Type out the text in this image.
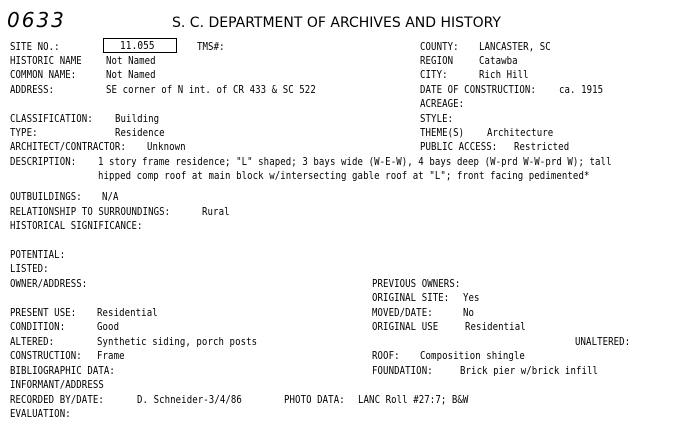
0633	S. C. DEPARTMENT OF ARCHIVES AND HISTORY
SITE NO.:	11.055	TMS#:	COUNTY: LANCASTER, SC
HISTORIC NAME Not Named	REGION Catawba
COMMON NAME:	Not Named	CITY:	Rich Hill
ADDRESS:	SE corner of N int. of CR 433 & SC 522	DATE OF CONSTRUCTION: ca. 1915
ACREAGE:
CLASSIFICATION: Building	STYLE:
TYPE:	Residence	THEME(S) Architecture
ARCHITECT/CONTRACTOR: Unknown	PUBLIC ACCESS: Restricted
DESCRIPTION: 1 story frame residence; "L" shaped; 3 bays wide (W-E-W), 4 bays deep (W-prd W-W-prd W); tall
hipped comp roof at main block w/intersecting gable roof at "L"; front facing pedimented*
OUTBUILDINGS: N/A
RELATIONSHIP TO SURROUNDINGS:	Rural
HISTORICAL SIGNIFICANCE:
POTENTIAL:
LISTED:
OWNER/ADDRESS:	PREVIOUS OWNERS:
ORIGINAL SITE: Yes
PRESENT USE: Residential	MOVED/DATE:	No
CONDITION:	Good	ORIGINAL USE	Residential
ALTERED:	Synthetic siding, porch posts	UNALTERED:
CONSTRUCTION: Frame	ROOF: Composition shingle
BIBLIOGRAPHIC DATA:	FOUNDATION:	Brick pier w/brick infill
INFORMANT/ADDRESS
RECORDED BY/DATE:	D. Schneider-3/4/86	PHOTO DATA: LANC Roll #27:7; B&W
EVALUATION:
